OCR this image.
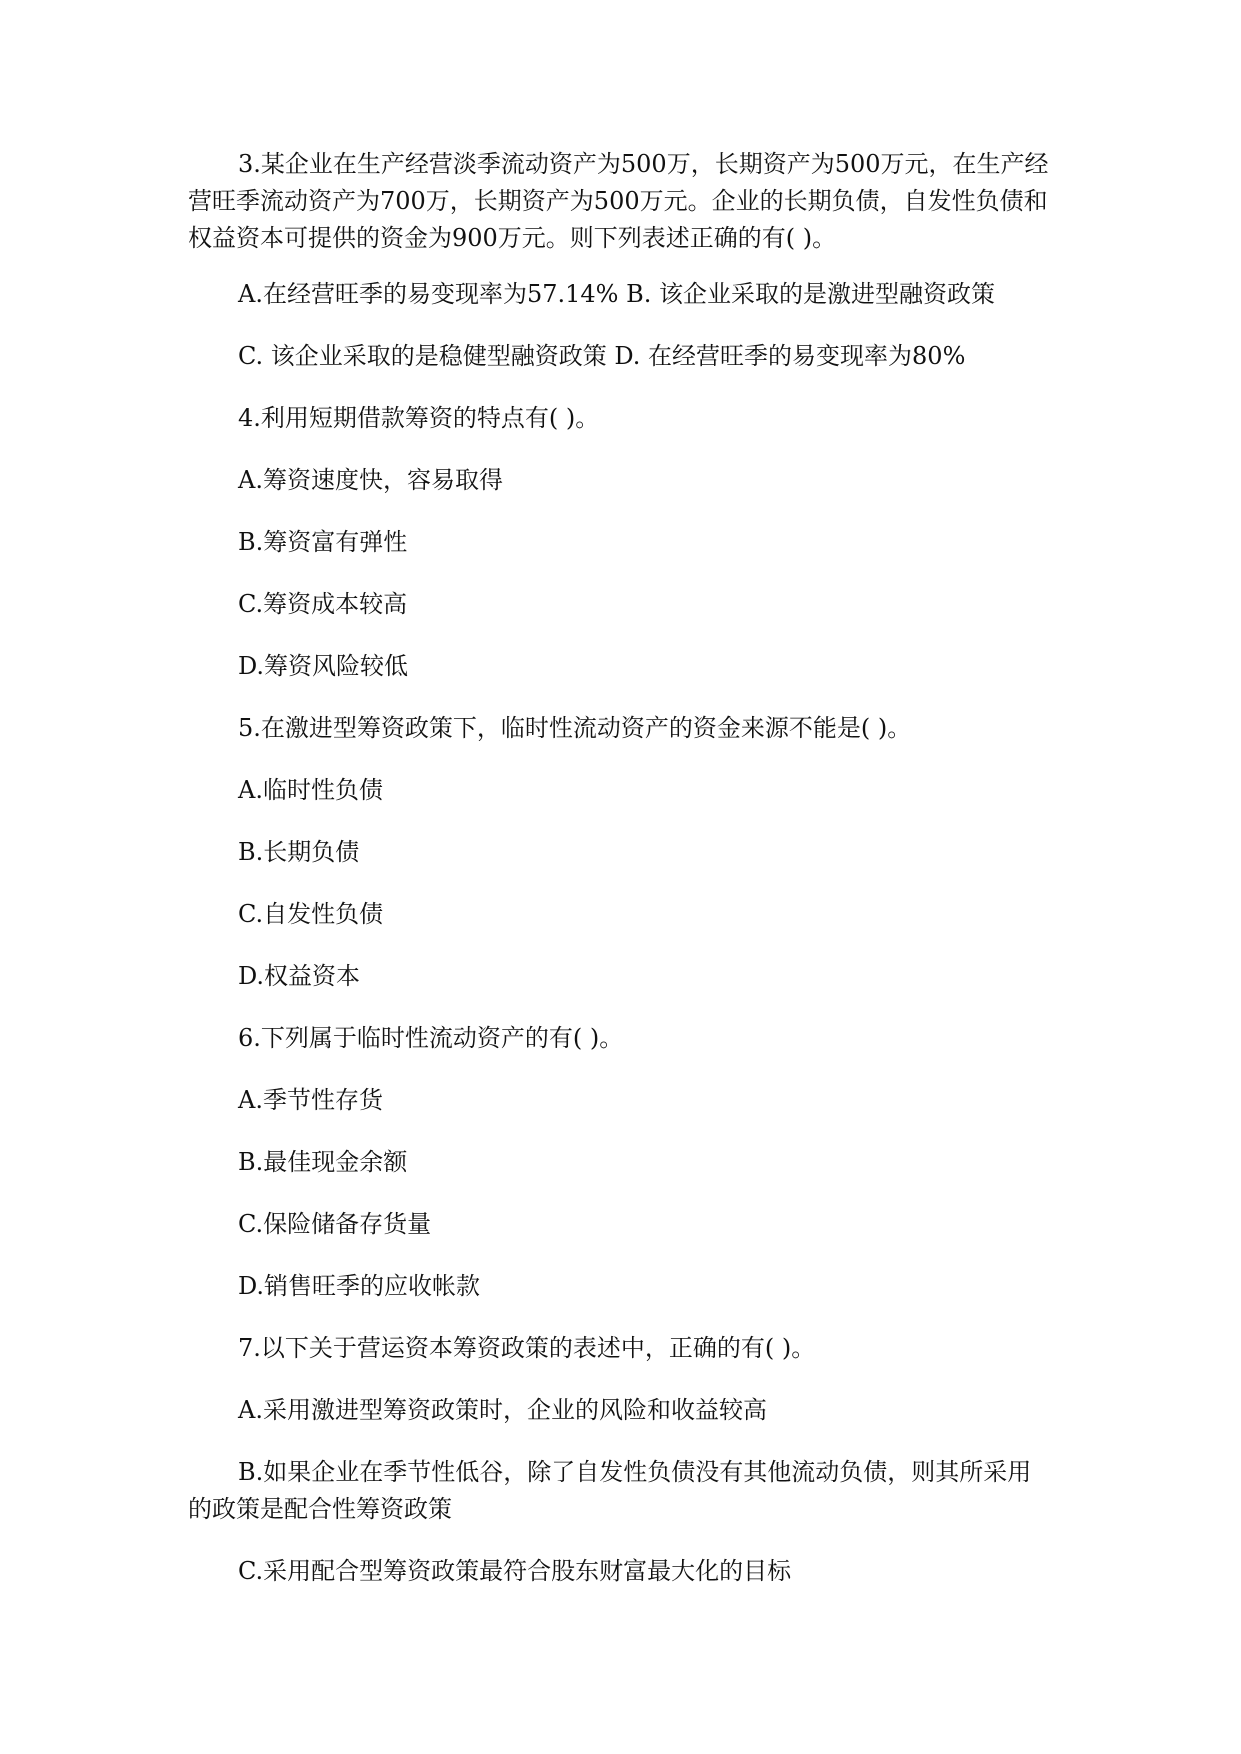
3.某企业在生产经营淡季流动资产为500万，长期资产为500万元，在生产经营旺季流动资产为700万，长期资产为500万元。企业的长期负债，自发性负债和权益资本可提供的资金为900万元。则下列表述正确的有( )。

A.在经营旺季的易变现率为57.14% B. 该企业采取的是激进型融资政策

C. 该企业采取的是稳健型融资政策 D. 在经营旺季的易变现率为80%

4.利用短期借款筹资的特点有( )。

A.筹资速度快，容易取得

B.筹资富有弹性

C.筹资成本较高

D.筹资风险较低

5.在激进型筹资政策下，临时性流动资产的资金来源不能是( )。

A.临时性负债

B.长期负债

C.自发性负债

D.权益资本

6.下列属于临时性流动资产的有( )。

A.季节性存货

B.最佳现金余额

C.保险储备存货量

D.销售旺季的应收帐款

7.以下关于营运资本筹资政策的表述中，正确的有( )。

A.采用激进型筹资政策时，企业的风险和收益较高

B.如果企业在季节性低谷，除了自发性负债没有其他流动负债，则其所采用的政策是配合性筹资政策

C.采用配合型筹资政策最符合股东财富最大化的目标
